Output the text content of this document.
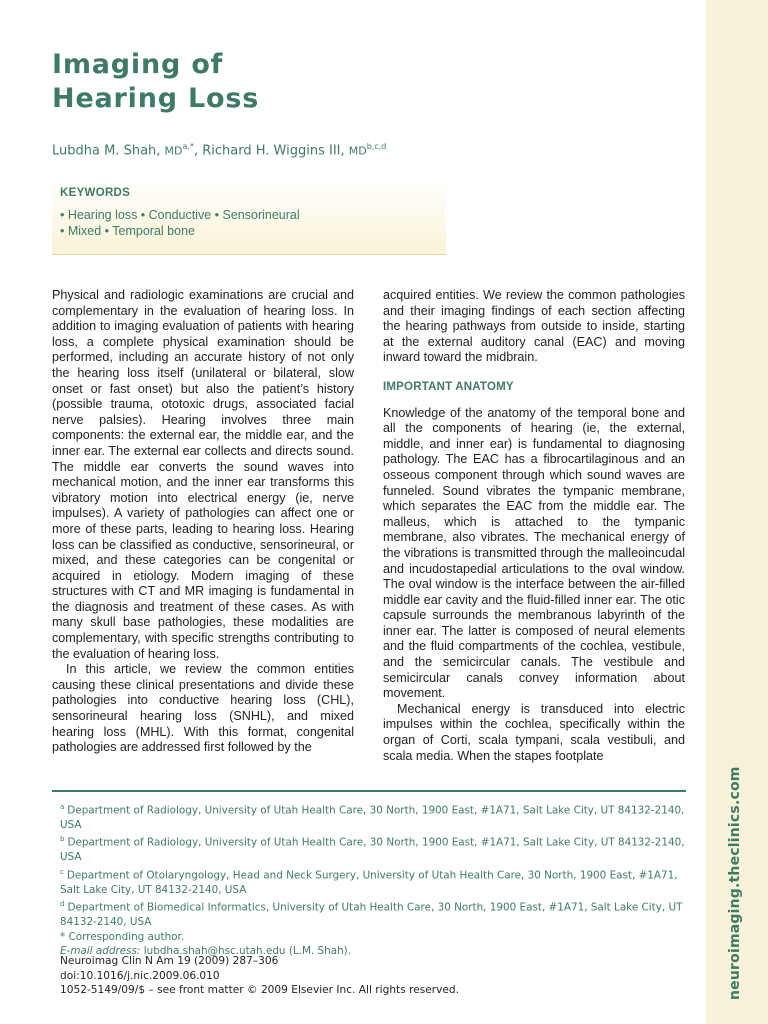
neuroimaging.theclinics.com
Imaging of
Hearing Loss
Lubdha M. Shah, $MD^{a,*}$, Richard H. Wiggins III, MD$^{b,c,d}$
KEYWORDS
• Hearing loss • Conductive • Sensorineural
• Mixed • Temporal bone

Physical and radiologic examinations are crucial and complementary in the evaluation of hearing loss. In addition to imaging evaluation of patients with hearing loss, a complete physical examination should be performed, including an accurate history of not only the hearing loss itself (unilateral or bilateral, slow onset or fast onset) but also the patient’s history (possible trauma, ototoxic drugs, associated facial nerve palsies). Hearing involves three main components: the external ear, the middle ear, and the inner ear. The external ear collects and directs sound. The middle ear converts the sound waves into mechanical motion, and the inner ear transforms this vibratory motion into electrical energy (ie, nerve impulses). A variety of pathologies can affect one or more of these parts, leading to hearing loss. Hearing loss can be classified as conductive, sensorineural, or mixed, and these categories can be congenital or acquired in etiology. Modern imaging of these structures with CT and MR imaging is fundamental in the diagnosis and treatment of these cases. As with many skull base pathologies, these modalities are complementary, with specific strengths contributing to the evaluation of hearing loss.

In this article, we review the common entities causing these clinical presentations and divide these pathologies into conductive hearing loss (CHL), sensorineural hearing loss (SNHL), and mixed hearing loss (MHL). With this format, congenital pathologies are addressed first followed by the

acquired entities. We review the common pathologies and their imaging findings of each section affecting the hearing pathways from outside to inside, starting at the external auditory canal (EAC) and moving inward toward the midbrain.

IMPORTANT ANATOMY

Knowledge of the anatomy of the temporal bone and all the components of hearing (ie, the external, middle, and inner ear) is fundamental to diagnosing pathology. The EAC has a fibrocartilaginous and an osseous component through which sound waves are funneled. Sound vibrates the tympanic membrane, which separates the EAC from the middle ear. The malleus, which is attached to the tympanic membrane, also vibrates. The mechanical energy of the vibrations is transmitted through the malleoincudal and incudostapedial articulations to the oval window. The oval window is the interface between the air-filled middle ear cavity and the fluid-filled inner ear. The otic capsule surrounds the membranous labyrinth of the inner ear. The latter is composed of neural elements and the fluid compartments of the cochlea, vestibule, and the semicircular canals. The vestibule and semicircular canals convey information about movement.

Mechanical energy is transduced into electric impulses within the cochlea, specifically within the organ of Corti, scala tympani, scala vestibuli, and scala media. When the stapes footplate

$^a$ Department of Radiology, University of Utah Health Care, 30 North, 1900 East, #1A71, Salt Lake City, UT 84132-2140, USA
$^b$ Department of Radiology, University of Utah Health Care, 30 North, 1900 East, #1A71, Salt Lake City, UT 84132-2140, USA
$^c$ Department of Otolaryngology, Head and Neck Surgery, University of Utah Health Care, 30 North, 1900 East, #1A71, Salt Lake City, UT 84132-2140, USA
$^d$ Department of Biomedical Informatics, University of Utah Health Care, 30 North, 1900 East, #1A71, Salt Lake City, UT 84132-2140, USA
* Corresponding author.
E-mail address: lubdha.shah@hsc.utah.edu (L.M. Shah).
Neuroimag Clin N Am 19 (2009) 287–306
doi:10.1016/j.nic.2009.06.010
1052-5149/09/$ – see front matter © 2009 Elsevier Inc. All rights reserved.
